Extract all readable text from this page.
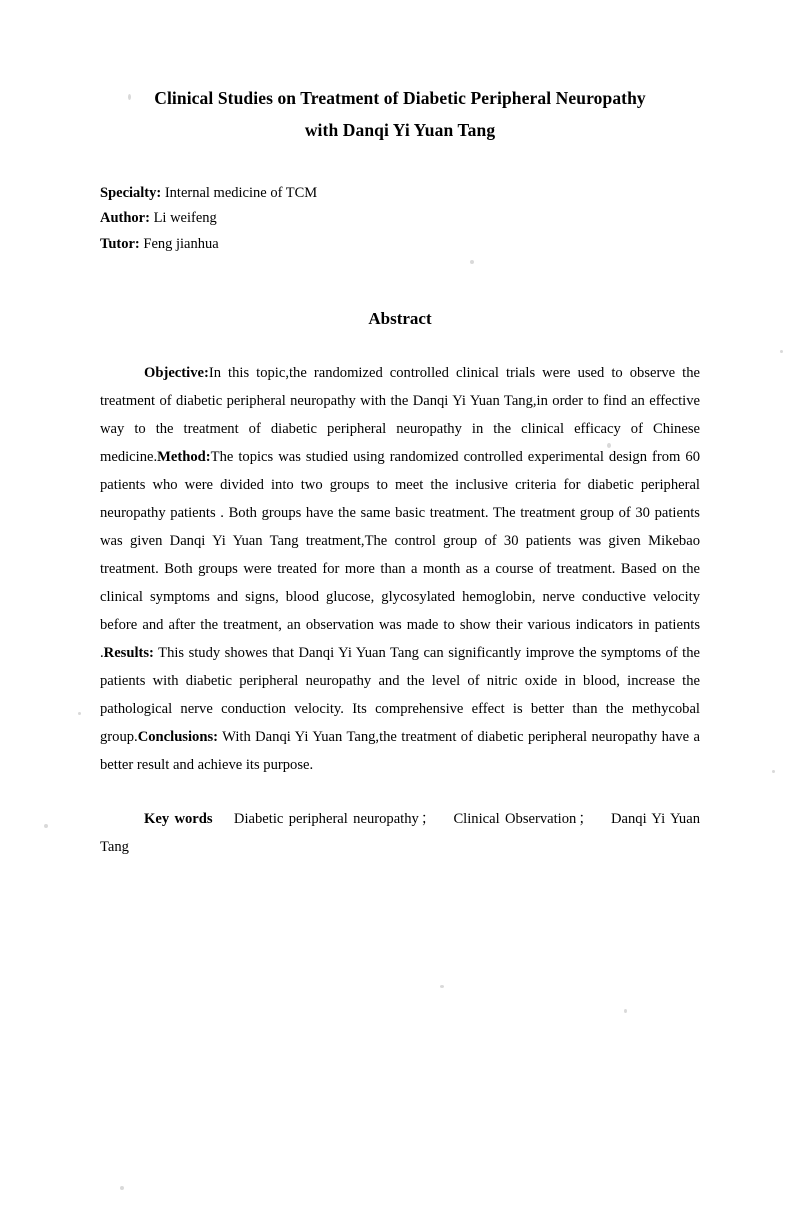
Clinical Studies on Treatment of Diabetic Peripheral Neuropathy
with Danqi Yi Yuan Tang
Specialty: Internal medicine of TCM
Author: Li weifeng
Tutor: Feng jianhua
Abstract

Objective:In this topic,the randomized controlled clinical trials were used to observe the treatment of diabetic peripheral neuropathy with the Danqi Yi Yuan Tang,in order to find an effective way to the treatment of diabetic peripheral neuropathy in the clinical efficacy of Chinese medicine.Method:The topics was studied using randomized controlled experimental design from 60 patients who were divided into two groups to meet the inclusive criteria for diabetic peripheral neuropathy patients . Both groups have the same basic treatment. The treatment group of 30 patients was given Danqi Yi Yuan Tang treatment,The control group of 30 patients was given Mikebao treatment. Both groups were treated for more than a month as a course of treatment. Based on the clinical symptoms and signs, blood glucose, glycosylated hemoglobin, nerve conductive velocity before and after the treatment, an observation was made to show their various indicators in patients .Results: This study showes that Danqi Yi Yuan Tang can significantly improve the symptoms of the patients with diabetic peripheral neuropathy and the level of nitric oxide in blood, increase the pathological nerve conduction velocity. Its comprehensive effect is better than the methycobal group.Conclusions: With Danqi Yi Yuan Tang,the treatment of diabetic peripheral neuropathy have a better result and achieve its purpose.

Key words Diabetic peripheral neuropathy ； Clinical Observation ； Danqi Yi Yuan Tang
